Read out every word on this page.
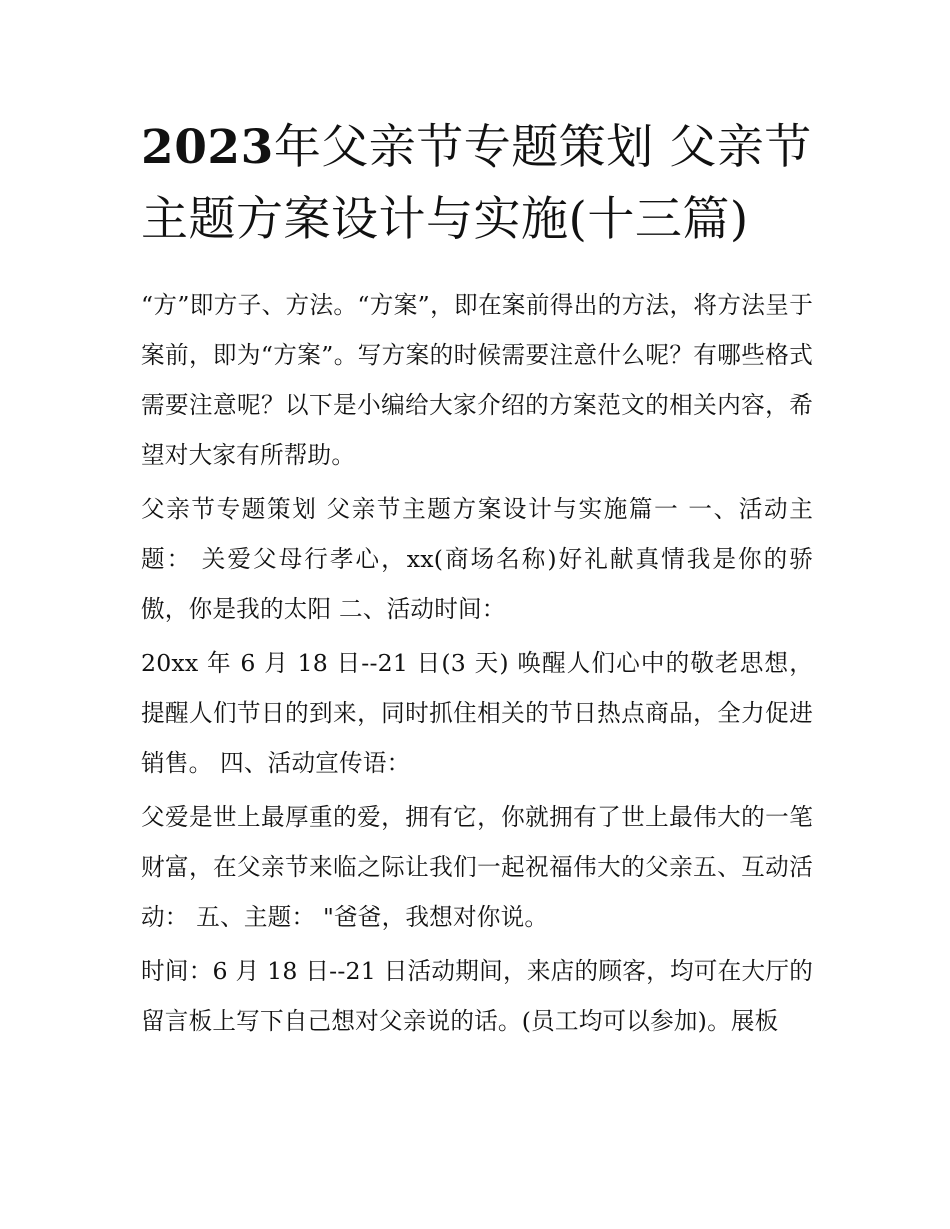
2023年父亲节专题策划 父亲节主题方案设计与实施(十三篇)

“方”即方子、方法。“方案”，即在案前得出的方法，将方法呈于案前，即为“方案”。写方案的时候需要注意什么呢？有哪些格式需要注意呢？以下是小编给大家介绍的方案范文的相关内容，希望对大家有所帮助。

父亲节专题策划 父亲节主题方案设计与实施篇一 一、活动主题： 关爱父母行孝心，xx(商场名称)好礼献真情我是你的骄傲，你是我的太阳 二、活动时间：

20xx 年 6 月 18 日--21 日(3 天) 唤醒人们心中的敬老思想，提醒人们节日的到来，同时抓住相关的节日热点商品，全力促进销售。 四、活动宣传语：

父爱是世上最厚重的爱，拥有它，你就拥有了世上最伟大的一笔财富，在父亲节来临之际让我们一起祝福伟大的父亲五、互动活动： 五、主题： "爸爸，我想对你说。

时间：6 月 18 日--21 日活动期间，来店的顾客，均可在大厅的留言板上写下自己想对父亲说的话。(员工均可以参加)。展板
